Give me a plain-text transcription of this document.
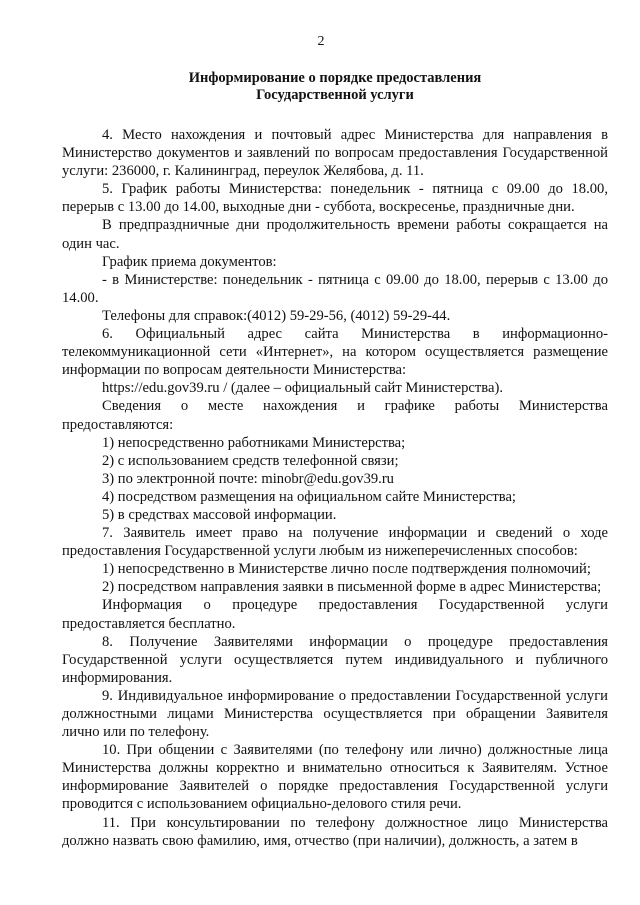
2
Информирование о порядке предоставления
Государственной услуги

4. Место нахождения и почтовый адрес Министерства для направления в Министерство документов и заявлений по вопросам предоставления Государственной услуги: 236000, г. Калининград, переулок Желябова, д. 11.

5. График работы Министерства: понедельник - пятница с 09.00 до 18.00, перерыв с 13.00 до 14.00, выходные дни - суббота, воскресенье, праздничные дни.

В предпраздничные дни продолжительность времени работы сокращается на один час.

График приема документов:

- в Министерстве: понедельник - пятница с 09.00 до 18.00, перерыв с 13.00 до 14.00.

Телефоны для справок:(4012) 59-29-56, (4012) 59-29-44.

6. Официальный адрес сайта Министерства в информационно-телекоммуникационной сети «Интернет», на котором осуществляется размещение информации по вопросам деятельности Министерства:

https://edu.gov39.ru / (далее – официальный сайт Министерства).

Сведения о месте нахождения и графике работы Министерства предоставляются:

1) непосредственно работниками Министерства;

2) с использованием средств телефонной связи;

3) по электронной почте: minobr@edu.gov39.ru

4) посредством размещения на официальном сайте Министерства;

5) в средствах массовой информации.

7. Заявитель имеет право на получение информации и сведений о ходе предоставления Государственной услуги любым из нижеперечисленных способов:

1) непосредственно в Министерстве лично после подтверждения полномочий;

2) посредством направления заявки в письменной форме в адрес Министерства;

Информация о процедуре предоставления Государственной услуги предоставляется бесплатно.

8. Получение Заявителями информации о процедуре предоставления Государственной услуги осуществляется путем индивидуального и публичного информирования.

9. Индивидуальное информирование о предоставлении Государственной услуги должностными лицами Министерства осуществляется при обращении Заявителя лично или по телефону.

10. При общении с Заявителями (по телефону или лично) должностные лица Министерства должны корректно и внимательно относиться к Заявителям. Устное информирование Заявителей о порядке предоставления Государственной услуги проводится с использованием официально-делового стиля речи.

11. При консультировании по телефону должностное лицо Министерства должно назвать свою фамилию, имя, отчество (при наличии), должность, а затем в
